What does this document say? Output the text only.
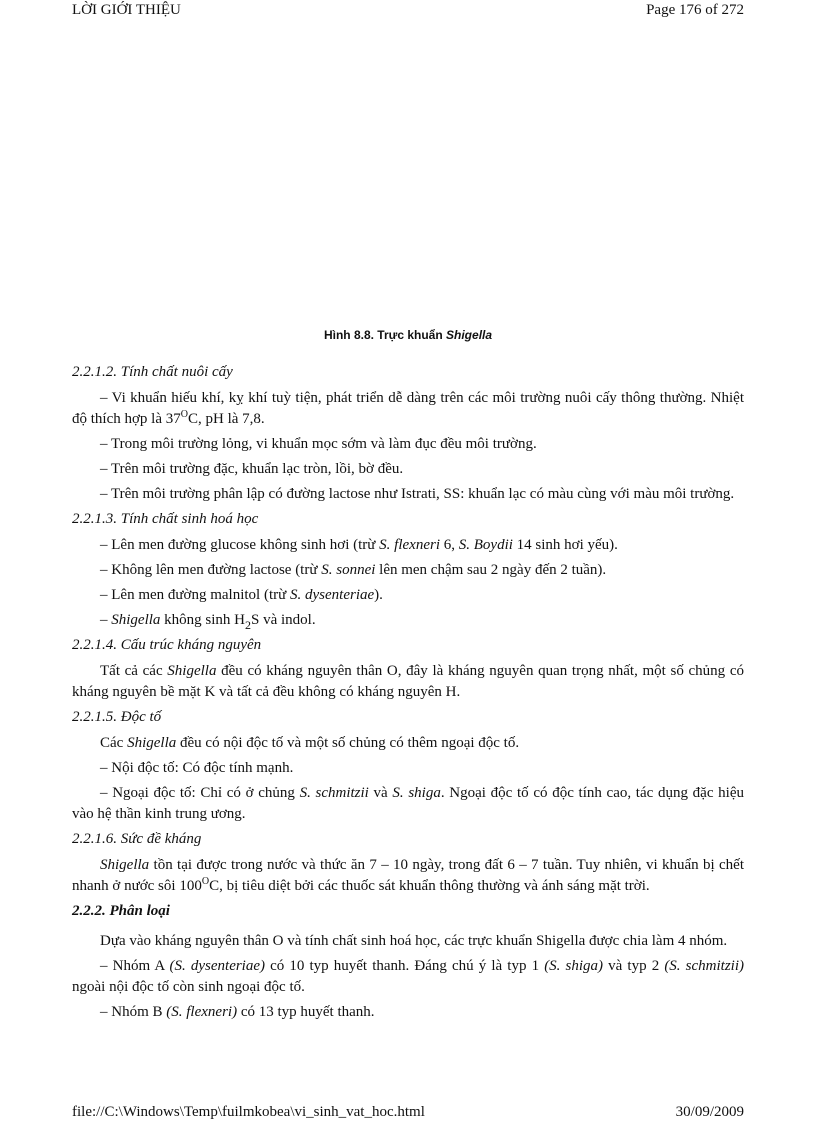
LỜI GIỚI THIỆU	Page 176 of 272
Hình 8.8. Trực khuẩn Shigella
2.2.1.2. Tính chất nuôi cấy
– Vi khuẩn hiếu khí, kỵ khí tuỳ tiện, phát triển dễ dàng trên các môi trường nuôi cấy thông thường. Nhiệt độ thích hợp là $37^OC$, pH là 7,8.
– Trong môi trường lỏng, vi khuẩn mọc sớm và làm đục đều môi trường.
– Trên môi trường đặc, khuẩn lạc tròn, lồi, bờ đều.
– Trên môi trường phân lập có đường lactose như Istrati, SS: khuẩn lạc có màu cùng với màu môi trường.
2.2.1.3. Tính chất sinh hoá học
– Lên men đường glucose không sinh hơi (trừ S. flexneri 6, S. Boydii 14 sinh hơi yếu).
– Không lên men đường lactose (trừ S. sonnei lên men chậm sau 2 ngày đến 2 tuần).
– Lên men đường malnitol (trừ S. dysenteriae).
– Shigella không $\sinh H_2S$ và indol.
2.2.1.4. Cấu trúc kháng nguyên
Tất cả các Shigella đều có kháng nguyên thân O, đây là kháng nguyên quan trọng nhất, một số chủng có kháng nguyên bề mặt K và tất cả đều không có kháng nguyên H.
2.2.1.5. Độc tố
Các Shigella đều có nội độc tố và một số chủng có thêm ngoại độc tố.
– Nội độc tố: Có độc tính mạnh.
– Ngoại độc tố: Chỉ có ở chủng S. schmitzii và S. shiga. Ngoại độc tố có độc tính cao, tác dụng đặc hiệu vào hệ thần kinh trung ương.
2.2.1.6. Sức đề kháng
Shigella tồn tại được trong nước và thức ăn 7 – 10 ngày, trong đất 6 – 7 tuần. Tuy nhiên, vi khuẩn bị chết nhanh ở nước sôi $100^OC$, bị tiêu diệt bởi các thuốc sát khuẩn thông thường và ánh sáng mặt trời.
2.2.2. Phân loại
Dựa vào kháng nguyên thân O và tính chất sinh hoá học, các trực khuẩn Shigella được chia làm 4 nhóm.
– Nhóm A (S. dysenteriae) có 10 typ huyết thanh. Đáng chú ý là typ 1 (S. shiga) và typ 2 (S. schmitzii) ngoài nội độc tố còn sinh ngoại độc tố.
– Nhóm B (S. flexneri) có 13 typ huyết thanh.
file://C:\Windows\Temp\fuilmkobea\vi_sinh_vat_hoc.html	30/09/2009
